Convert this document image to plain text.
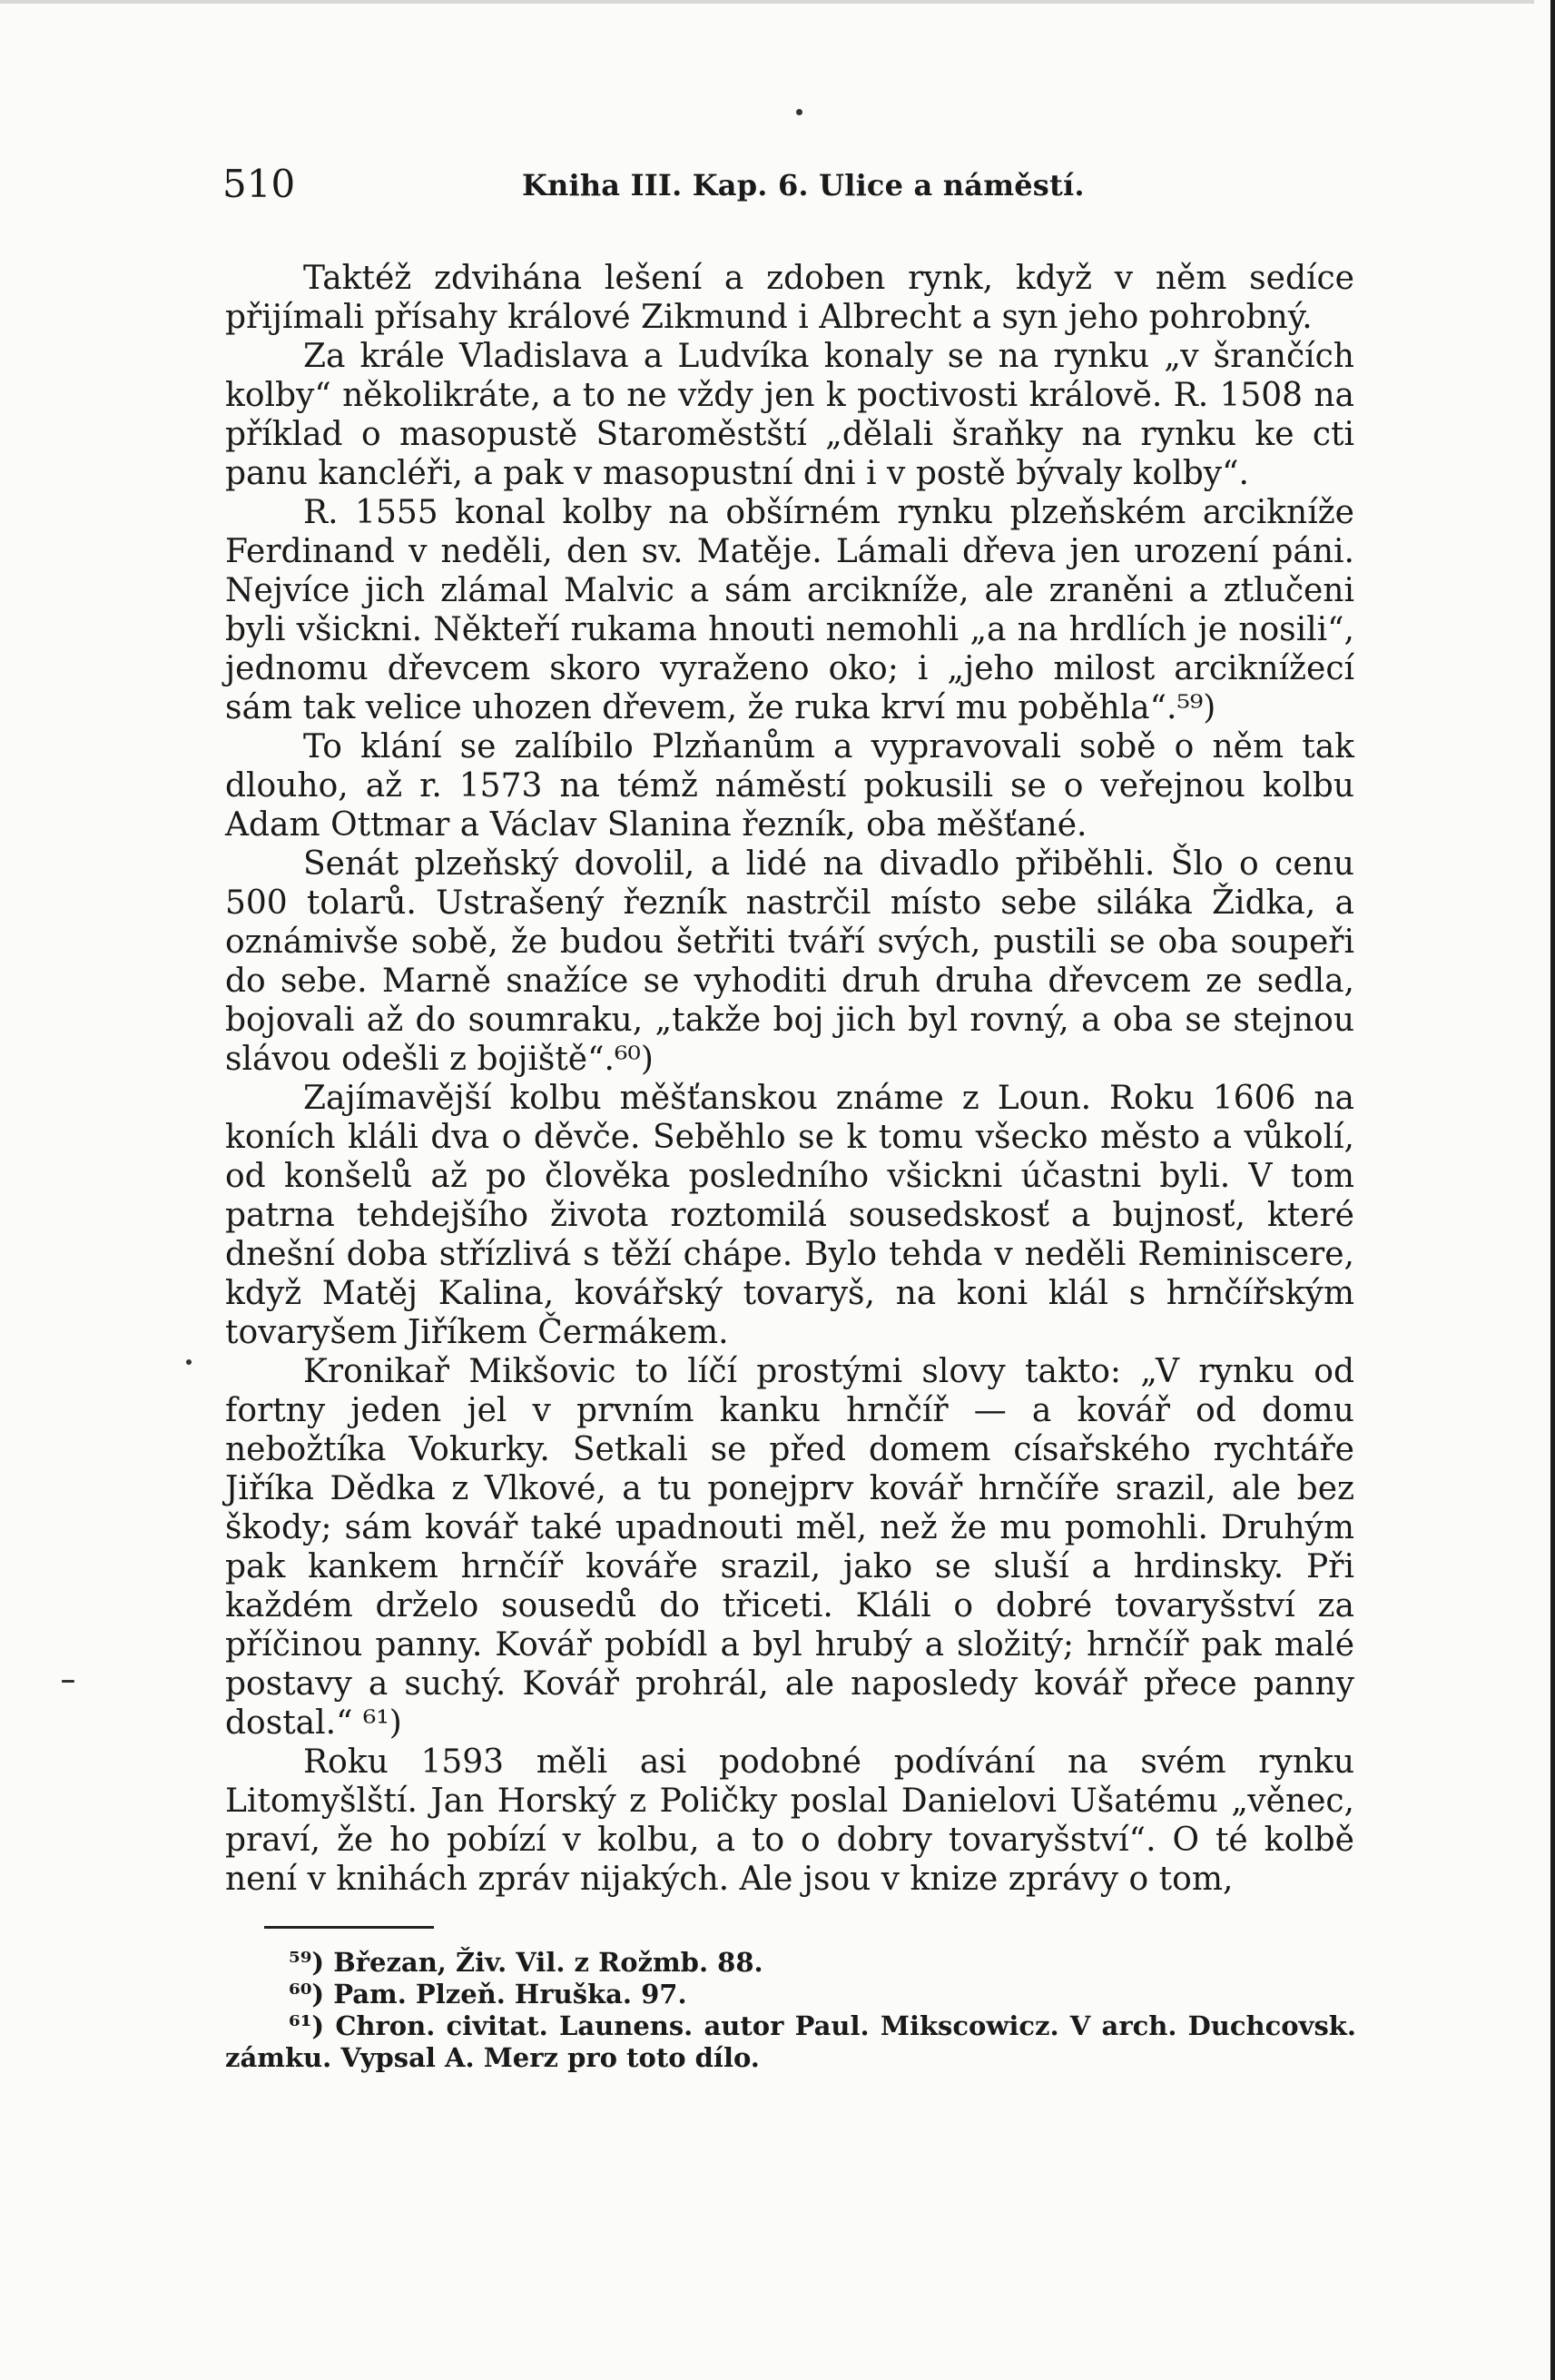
510	Kniha III. Kap. 6. Ulice a náměstí.

Taktéž zdvihána lešení a zdoben rynk, když v něm sedíce přijímali přísahy králové Zikmund i Albrecht a syn jeho pohrobný.

Za krále Vladislava a Ludvíka konaly se na rynku „v šrančích kolby“ několikráte, a to ne vždy jen k poctivosti královĕ. R. 1508 na příklad o masopustě Staroměstští „dělali šraňky na rynku ke cti panu kancléři, a pak v masopustní dni i v postě bývaly kolby“.

R. 1555 konal kolby na obšírném rynku plzeňském arcikníže Ferdinand v neděli, den sv. Matěje. Lámali dřeva jen urození páni. Nejvíce jich zlámal Malvic a sám arcikníže, ale zraněni a ztlučeni byli všickni. Někteří rukama hnouti nemohli „a na hrdlích je nosili“, jednomu dřevcem skoro vyraženo oko; i „jeho milost arciknížecí sám tak velice uhozen dřevem, že ruka krví mu poběhla“.⁵⁹)

To klání se zalíbilo Plzňanům a vypravovali sobě o něm tak dlouho, až r. 1573 na témž náměstí pokusili se o veřejnou kolbu Adam Ottmar a Václav Slanina řezník, oba měšťané.

Senát plzeňský dovolil, a lidé na divadlo přiběhli. Šlo o cenu 500 tolarů. Ustrašený řezník nastrčil místo sebe siláka Židka, a oznámivše sobě, že budou šetřiti tváří svých, pustili se oba soupeři do sebe. Marně snažíce se vyhoditi druh druha dřevcem ze sedla, bojovali až do soumraku, „takže boj jich byl rovný, a oba se stejnou slávou odešli z bojiště“.⁶⁰)

Zajímavější kolbu měšťanskou známe z Loun. Roku 1606 na koních kláli dva o děvče. Seběhlo se k tomu všecko město a vůkolí, od konšelů až po člověka posledního všickni účastni byli. V tom patrna tehdejšího života roztomilá sousedskosť a bujnosť, které dnešní doba střízlivá s těží chápe. Bylo tehda v neděli Reminiscere, když Matěj Kalina, kovářský tovaryš, na koni klál s hrnčířským tovaryšem Jiříkem Čermákem.

Kronikař Mikšovic to líčí prostými slovy takto: „V rynku od fortny jeden jel v prvním kanku hrnčíř — a kovář od domu nebožtíka Vokurky. Setkali se před domem císařského rychtáře Jiříka Dědka z Vlkové, a tu ponejprv kovář hrnčíře srazil, ale bez škody; sám kovář také upadnouti měl, než že mu pomohli. Druhým pak kankem hrnčíř kováře srazil, jako se sluší a hrdinsky. Při každém drželo sousedů do třiceti. Kláli o dobré tovaryšství za příčinou panny. Kovář pobídl a byl hrubý a složitý; hrnčíř pak malé postavy a suchý. Kovář prohrál, ale naposledy kovář přece panny dostal.“ ⁶¹)

Roku 1593 měli asi podobné podívání na svém rynku Litomyšlští. Jan Horský z Poličky poslal Danielovi Ušatému „věnec, praví, že ho pobízí v kolbu, a to o dobry tovaryšství“. O té kolbě není v knihách zpráv nijakých. Ale jsou v knize zprávy o tom,

⁵⁹) Březan, Živ. Vil. z Rožmb. 88.

⁶⁰) Pam. Plzeň. Hruška. 97.

⁶¹) Chron. civitat. Launens. autor Paul. Miksсowicz. V arch. Duchcovsk. zámku. Vypsal A. Merz pro toto dílo.
